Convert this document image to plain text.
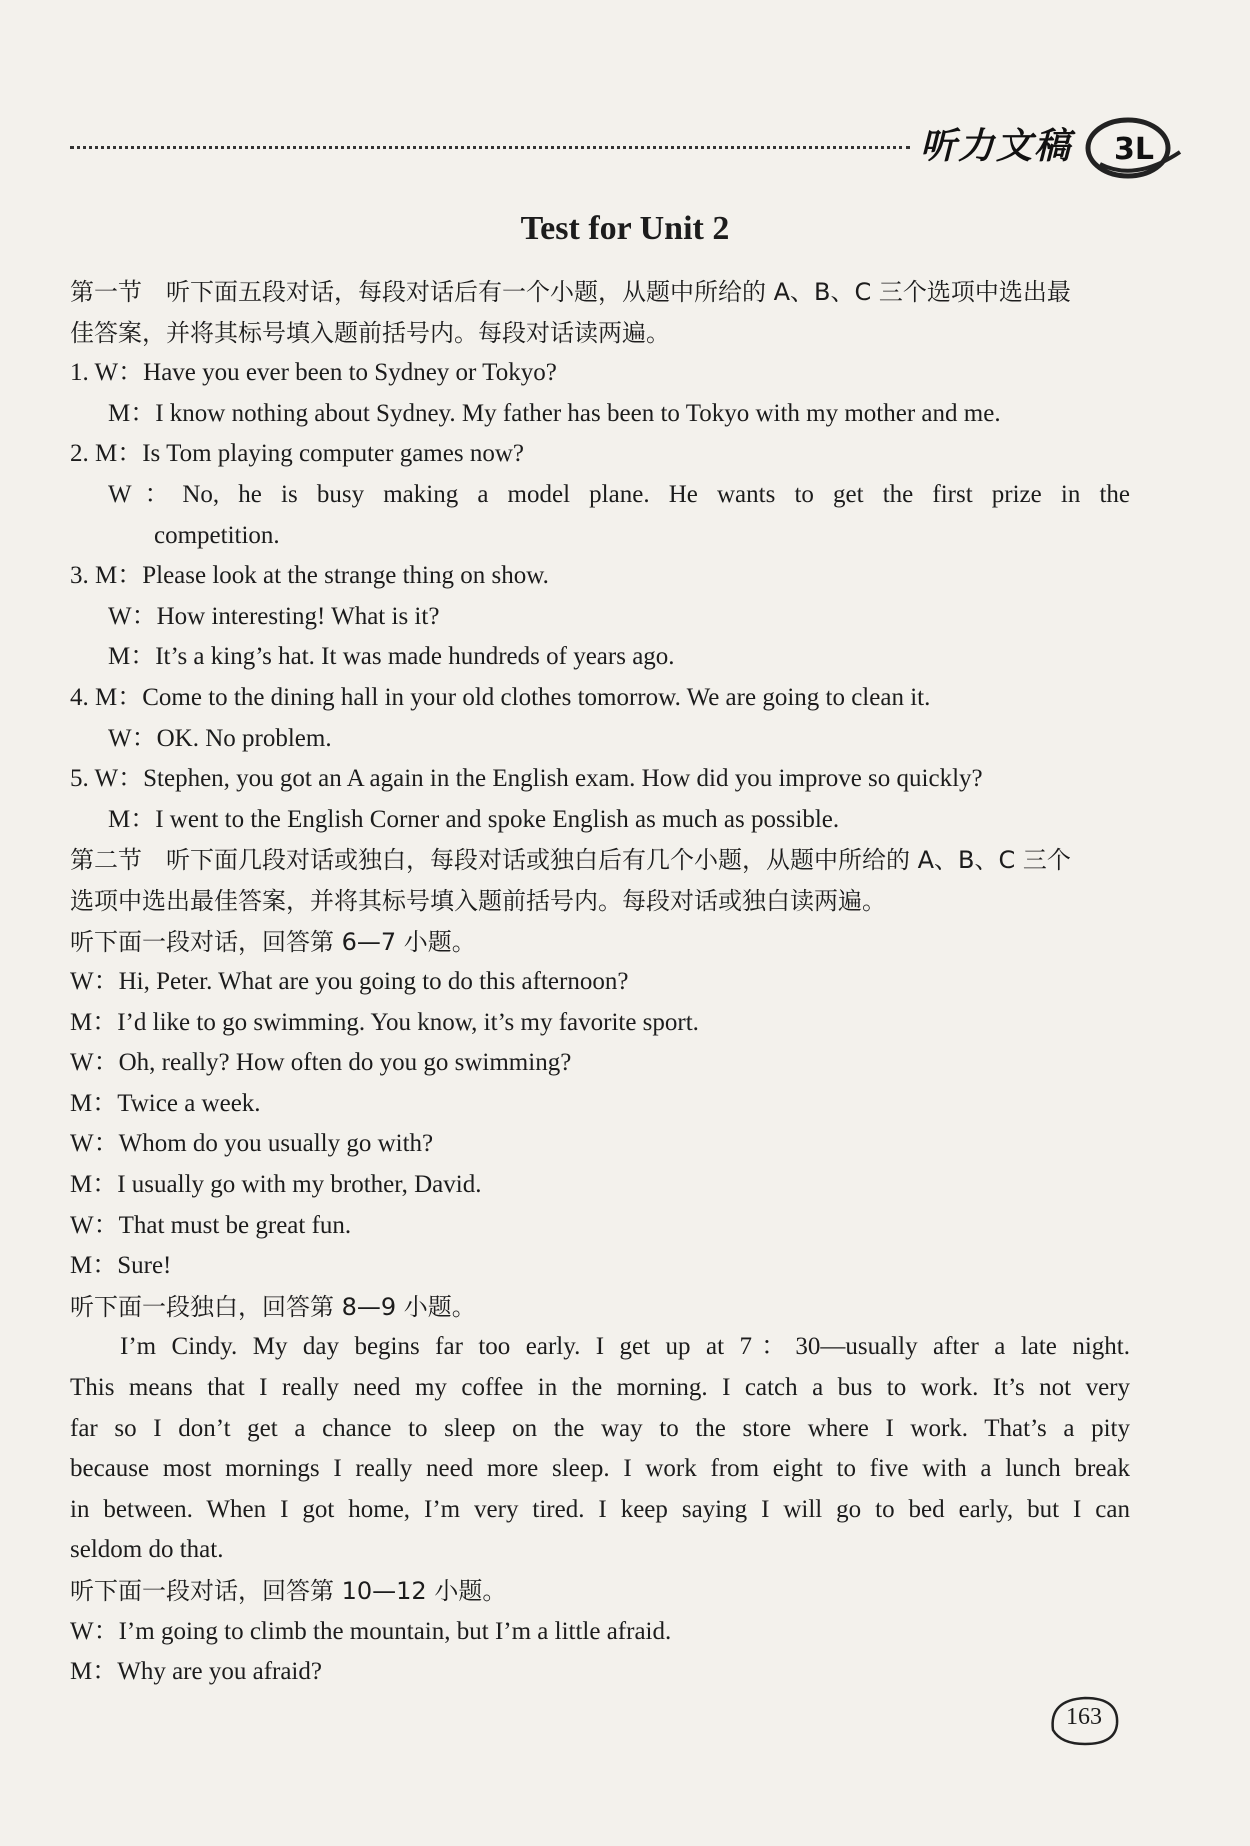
听力文稿 3L
Test for Unit 2
第一节　听下面五段对话，每段对话后有一个小题，从题中所给的 A、B、C 三个选项中选出最
佳答案，并将其标号填入题前括号内。每段对话读两遍。
1. W：Have you ever been to Sydney or Tokyo?
M：I know nothing about Sydney. My father has been to Tokyo with my mother and me.
2. M：Is Tom playing computer games now?
W：No, he is busy making a model plane. He wants to get the first prize in the
competition.
3. M：Please look at the strange thing on show.
W：How interesting! What is it?
M：It’s a king’s hat. It was made hundreds of years ago.
4. M：Come to the dining hall in your old clothes tomorrow. We are going to clean it.
W：OK. No problem.
5. W：Stephen, you got an A again in the English exam. How did you improve so quickly?
M：I went to the English Corner and spoke English as much as possible.
第二节　听下面几段对话或独白，每段对话或独白后有几个小题，从题中所给的 A、B、C 三个
选项中选出最佳答案，并将其标号填入题前括号内。每段对话或独白读两遍。
听下面一段对话，回答第 6—7 小题。
W：Hi, Peter. What are you going to do this afternoon?
M：I’d like to go swimming. You know, it’s my favorite sport.
W：Oh, really? How often do you go swimming?
M：Twice a week.
W：Whom do you usually go with?
M：I usually go with my brother, David.
W：That must be great fun.
M：Sure!
听下面一段独白，回答第 8—9 小题。
I’m Cindy. My day begins far too early. I get up at 7：30—usually after a late night.
This means that I really need my coffee in the morning. I catch a bus to work. It’s not very
far so I don’t get a chance to sleep on the way to the store where I work. That’s a pity
because most mornings I really need more sleep. I work from eight to five with a lunch break
in between. When I got home, I’m very tired. I keep saying I will go to bed early, but I can
seldom do that.
听下面一段对话，回答第 10—12 小题。
W：I’m going to climb the mountain, but I’m a little afraid.
M：Why are you afraid?
163
